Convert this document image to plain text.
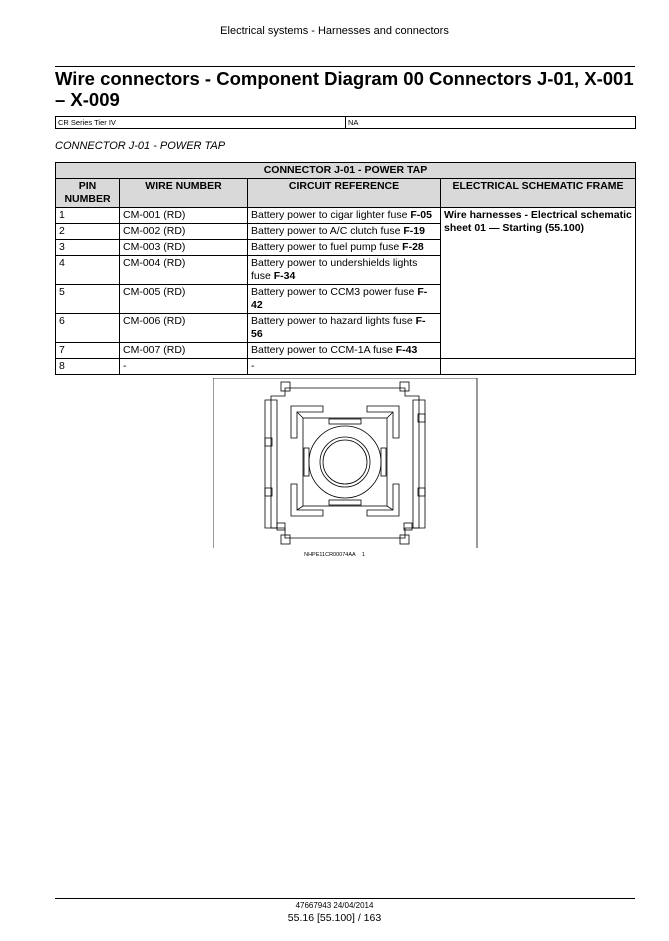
Electrical systems - Harnesses and connectors
Wire connectors - Component Diagram 00 Connectors J-01, X-001 – X-009
CR Series Tier IV	NA
CONNECTOR J-01 - POWER TAP
CONNECTOR J-01 - POWER TAP			
PIN NUMBER	WIRE NUMBER	CIRCUIT REFERENCE	ELECTRICAL SCHEMATIC FRAME
1	CM-001 (RD)	Battery power to cigar lighter fuse F-05	Wire harnesses - Electrical schematic sheet 01 — Starting (55.100)
2	CM-002 (RD)	Battery power to A/C clutch fuse F-19	
3	CM-003 (RD)	Battery power to fuel pump fuse F-28	
4	CM-004 (RD)	Battery power to undershields lights fuse F-34	
5	CM-005 (RD)	Battery power to CCM3 power fuse F-42	
6	CM-006 (RD)	Battery power to hazard lights fuse F-56	
7	CM-007 (RD)	Battery power to CCM-1A fuse F-43	
8	-	-	
NHPE11CR00074AA 1
47667943 24/04/2014
55.16 [55.100] / 163
